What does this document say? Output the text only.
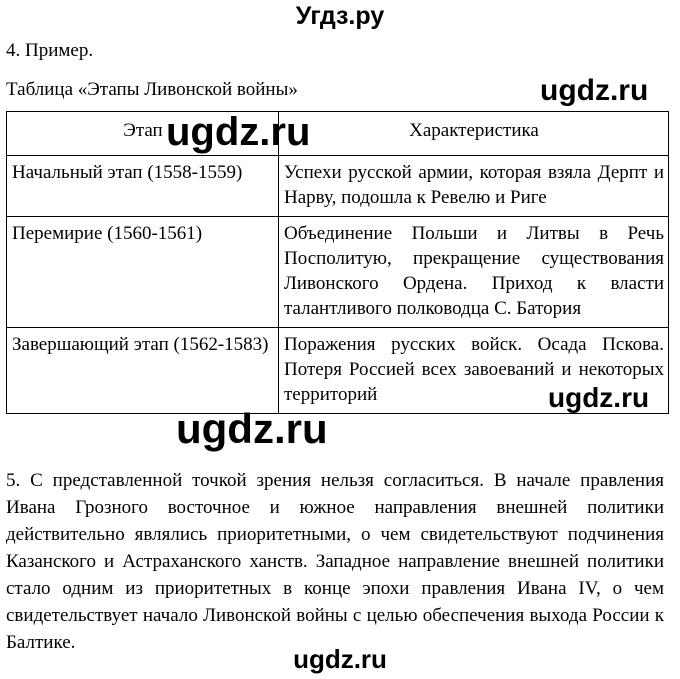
Угдз.ру
4. Пример.
Таблица «Этапы Ливонской войны»
Этап	Характеристика
Начальный этап (1558-1559)	Успехи русской армии, которая взяла Дерпт и Нарву, подошла к Ревелю и Риге
Перемирие (1560-1561)	Объединение Польши и Литвы в Речь Посполитую, прекращение существования Ливонского Ордена. Приход к власти талантливого полководца С. Батория
Завершающий этап (1562-1583)	Поражения русских войск. Осада Пскова. Потеря Россией всех завоеваний и некоторых территорий

5. С представленной точкой зрения нельзя согласиться. В начале правления Ивана Грозного восточное и южное направления внешней политики действительно являлись приоритетными, о чем свидетельствуют подчинения Казанского и Астраханского ханств. Западное направление внешней политики стало одним из приоритетных в конце эпохи правления Ивана IV, о чем свидетельствует начало Ливонской войны с целью обеспечения выхода России к Балтике.

ugdz.ru
ugdz.ru
ugdz.ru
ugdz.ru
ugdz.ru
